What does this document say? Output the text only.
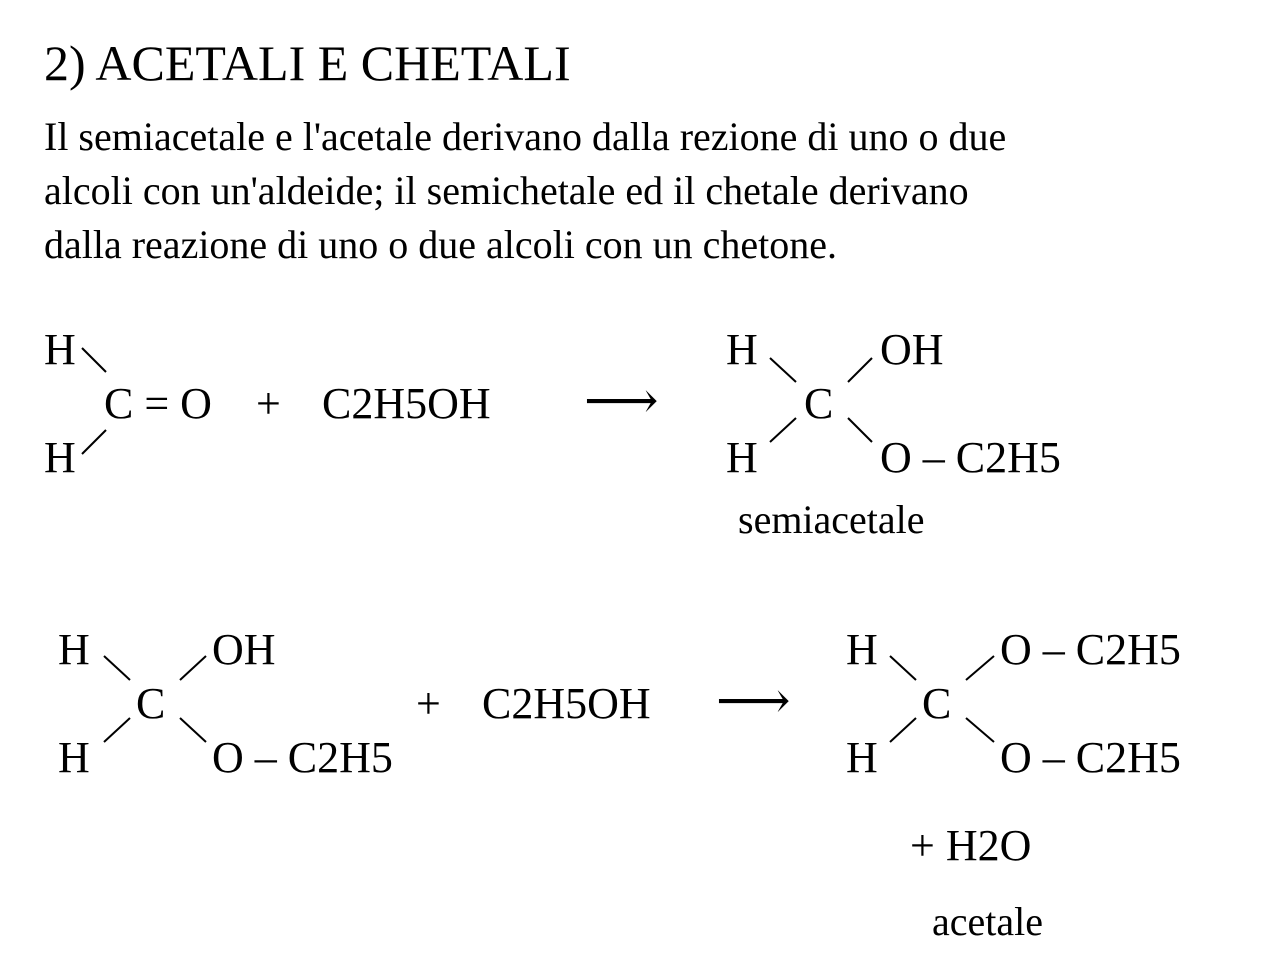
2) ACETALI E CHETALI
Il semiacetale e l'acetale derivano dalla rezione di uno o due
alcoli con un'aldeide; il semichetale ed il chetale derivano
dalla reazione di uno o due alcoli con un chetone.
H
C = O
H
+ C2H5OH ⟶
H	OH
C
H	O – C2H5
semiacetale
H	OH
C
H	O – C2H5
+ C2H5OH ⟶
H	O – C2H5
C
H	O – C2H5
+ H2O
acetale
